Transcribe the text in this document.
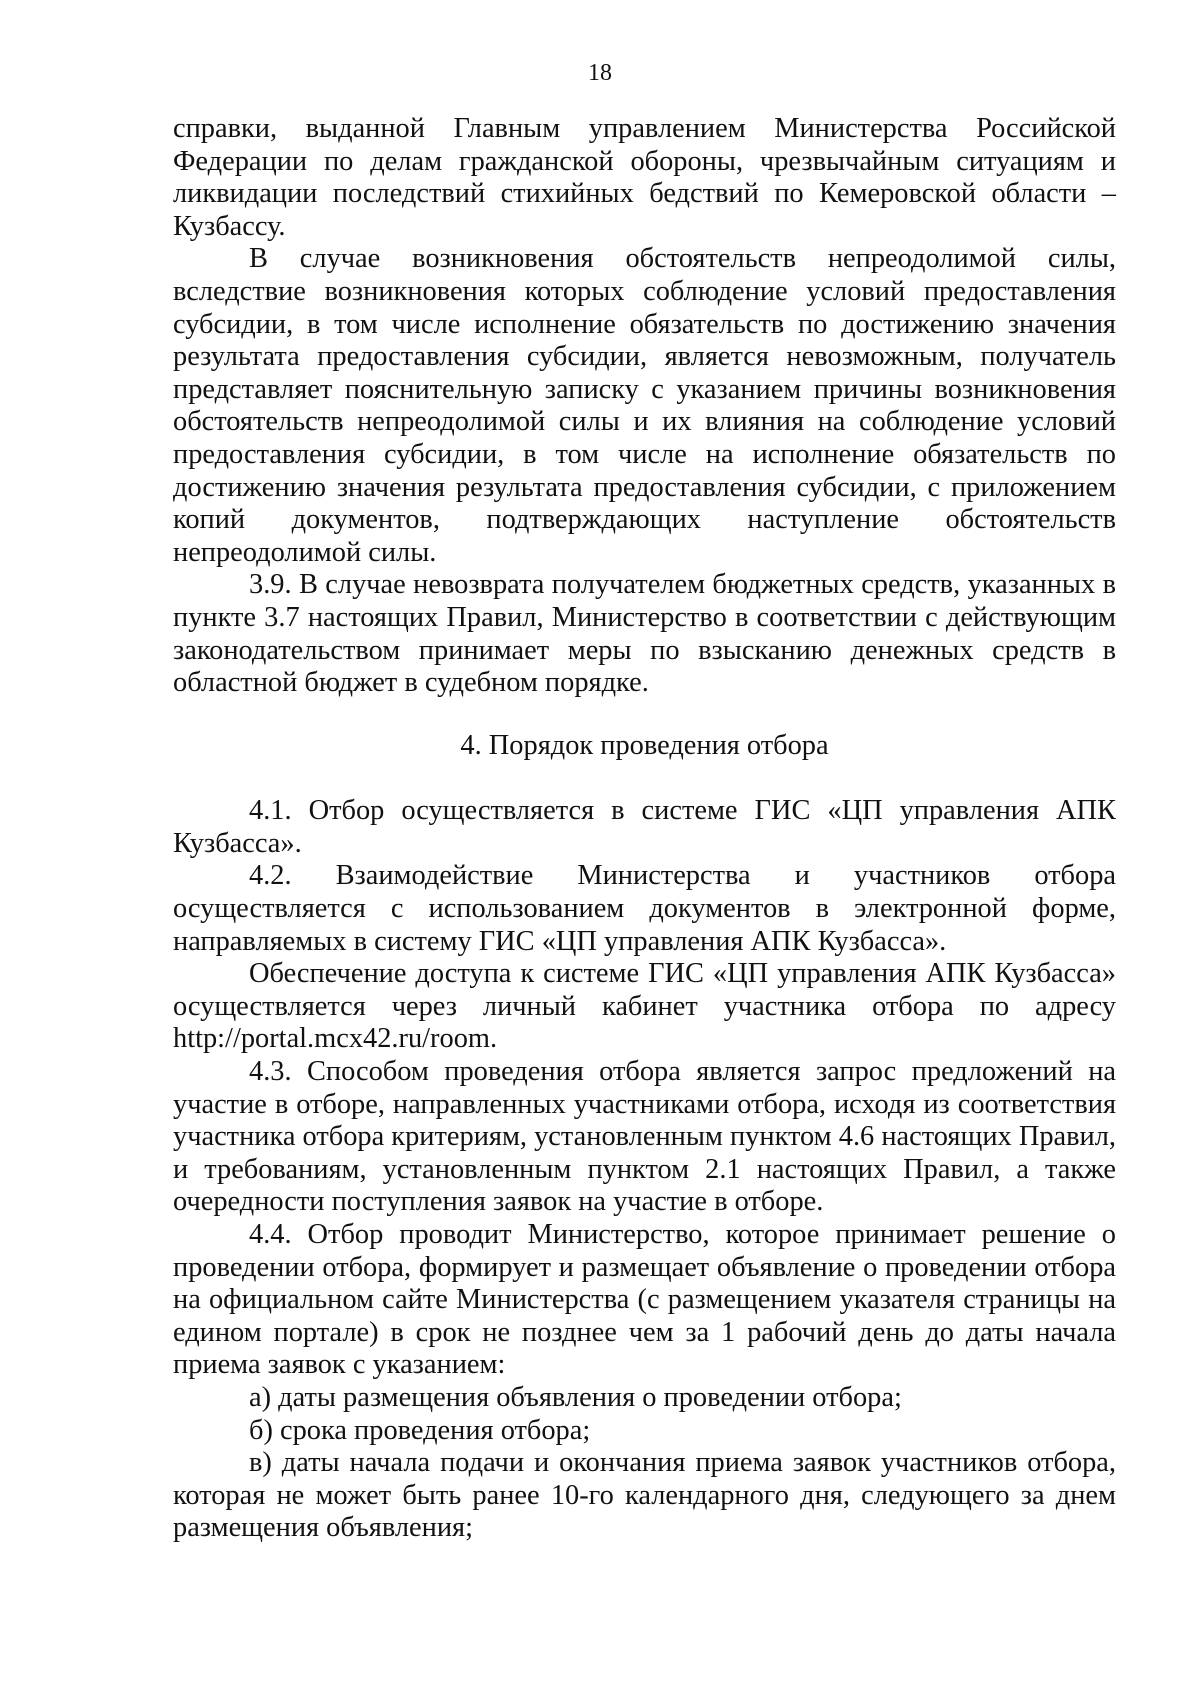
18

справки, выданной Главным управлением Министерства Российской Федерации по делам гражданской обороны, чрезвычайным ситуациям и ликвидации последствий стихийных бедствий по Кемеровской области – Кузбассу.

В случае возникновения обстоятельств непреодолимой силы, вследствие возникновения которых соблюдение условий предоставления субсидии, в том числе исполнение обязательств по достижению значения результата предоставления субсидии, является невозможным, получатель представляет пояснительную записку с указанием причины возникновения обстоятельств непреодолимой силы и их влияния на соблюдение условий предоставления субсидии, в том числе на исполнение обязательств по достижению значения результата предоставления субсидии, с приложением копий документов, подтверждающих наступление обстоятельств непреодолимой силы.

3.9. В случае невозврата получателем бюджетных средств, указанных в пункте 3.7 настоящих Правил, Министерство в соответствии с действующим законодательством принимает меры по взысканию денежных средств в областной бюджет в судебном порядке.

4. Порядок проведения отбора

4.1. Отбор осуществляется в системе ГИС «ЦП управления АПК Кузбасса».

4.2. Взаимодействие Министерства и участников отбора осуществляется с использованием документов в электронной форме, направляемых в систему ГИС «ЦП управления АПК Кузбасса».

Обеспечение доступа к системе ГИС «ЦП управления АПК Кузбасса» осуществляется через личный кабинет участника отбора по адресу http://portal.mcx42.ru/room.

4.3. Способом проведения отбора является запрос предложений на участие в отборе, направленных участниками отбора, исходя из соответствия участника отбора критериям, установленным пунктом 4.6 настоящих Правил, и требованиям, установленным пунктом 2.1 настоящих Правил, а также очередности поступления заявок на участие в отборе.

4.4. Отбор проводит Министерство, которое принимает решение о проведении отбора, формирует и размещает объявление о проведении отбора на официальном сайте Министерства (с размещением указателя страницы на едином портале) в срок не позднее чем за 1 рабочий день до даты начала приема заявок с указанием:

а) даты размещения объявления о проведении отбора;

б) срока проведения отбора;

в) даты начала подачи и окончания приема заявок участников отбора, которая не может быть ранее 10-го календарного дня, следующего за днем размещения объявления;
